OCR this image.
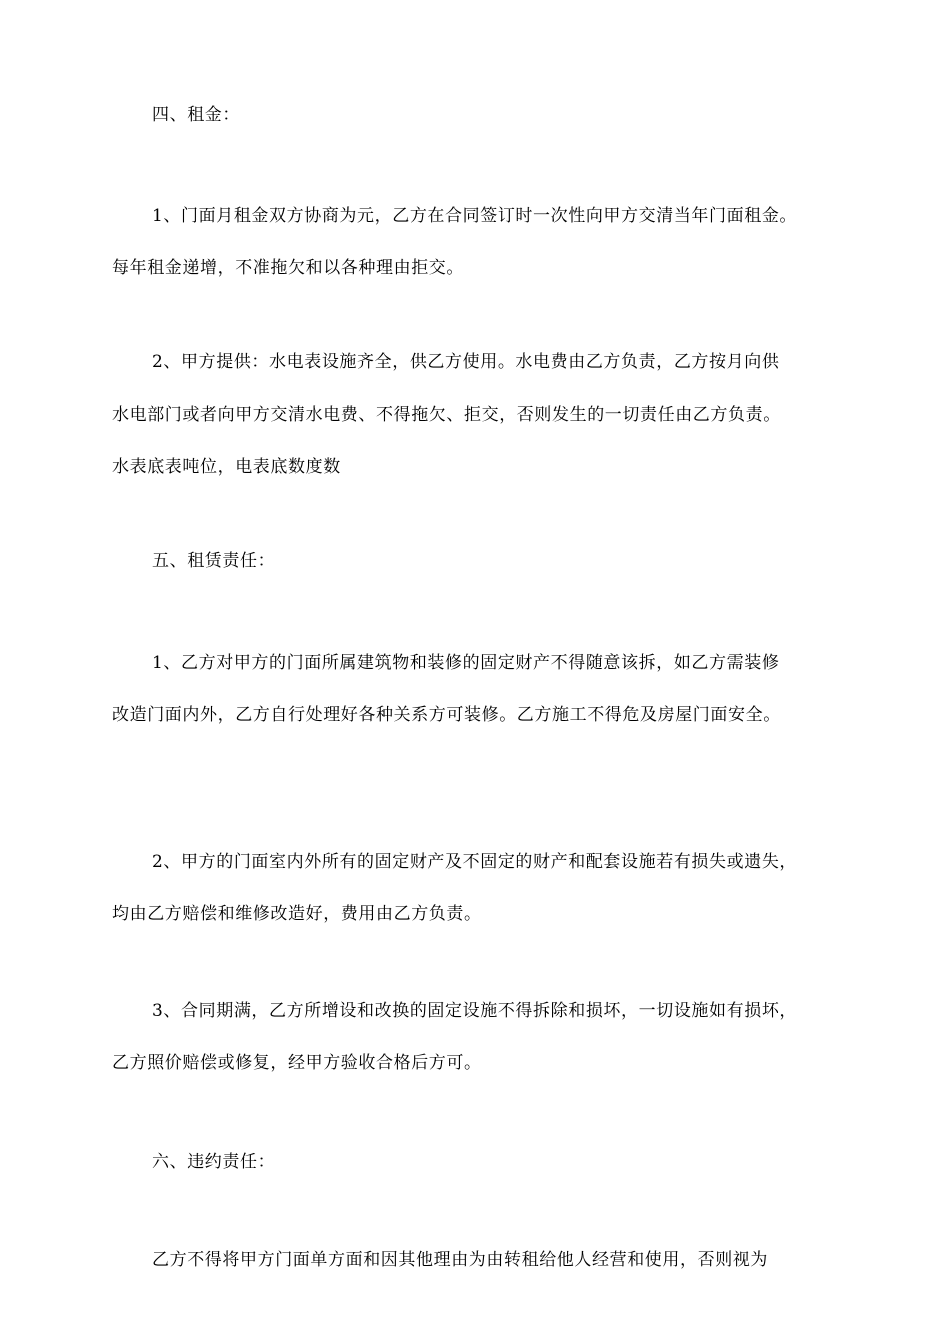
四、租金：
1、门面月租金双方协商为元，乙方在合同签订时一次性向甲方交清当年门面租金。
每年租金递增，不准拖欠和以各种理由拒交。
2、甲方提供：水电表设施齐全，供乙方使用。水电费由乙方负责，乙方按月向供
水电部门或者向甲方交清水电费、不得拖欠、拒交，否则发生的一切责任由乙方负责。
水表底表吨位，电表底数度数
五、租赁责任：
1、乙方对甲方的门面所属建筑物和装修的固定财产不得随意该拆，如乙方需装修
改造门面内外，乙方自行处理好各种关系方可装修。乙方施工不得危及房屋门面安全。
2、甲方的门面室内外所有的固定财产及不固定的财产和配套设施若有损失或遗失，
均由乙方赔偿和维修改造好，费用由乙方负责。
3、合同期满，乙方所增设和改换的固定设施不得拆除和损坏，一切设施如有损坏，
乙方照价赔偿或修复，经甲方验收合格后方可。
六、违约责任：
乙方不得将甲方门面单方面和因其他理由为由转租给他人经营和使用，否则视为
